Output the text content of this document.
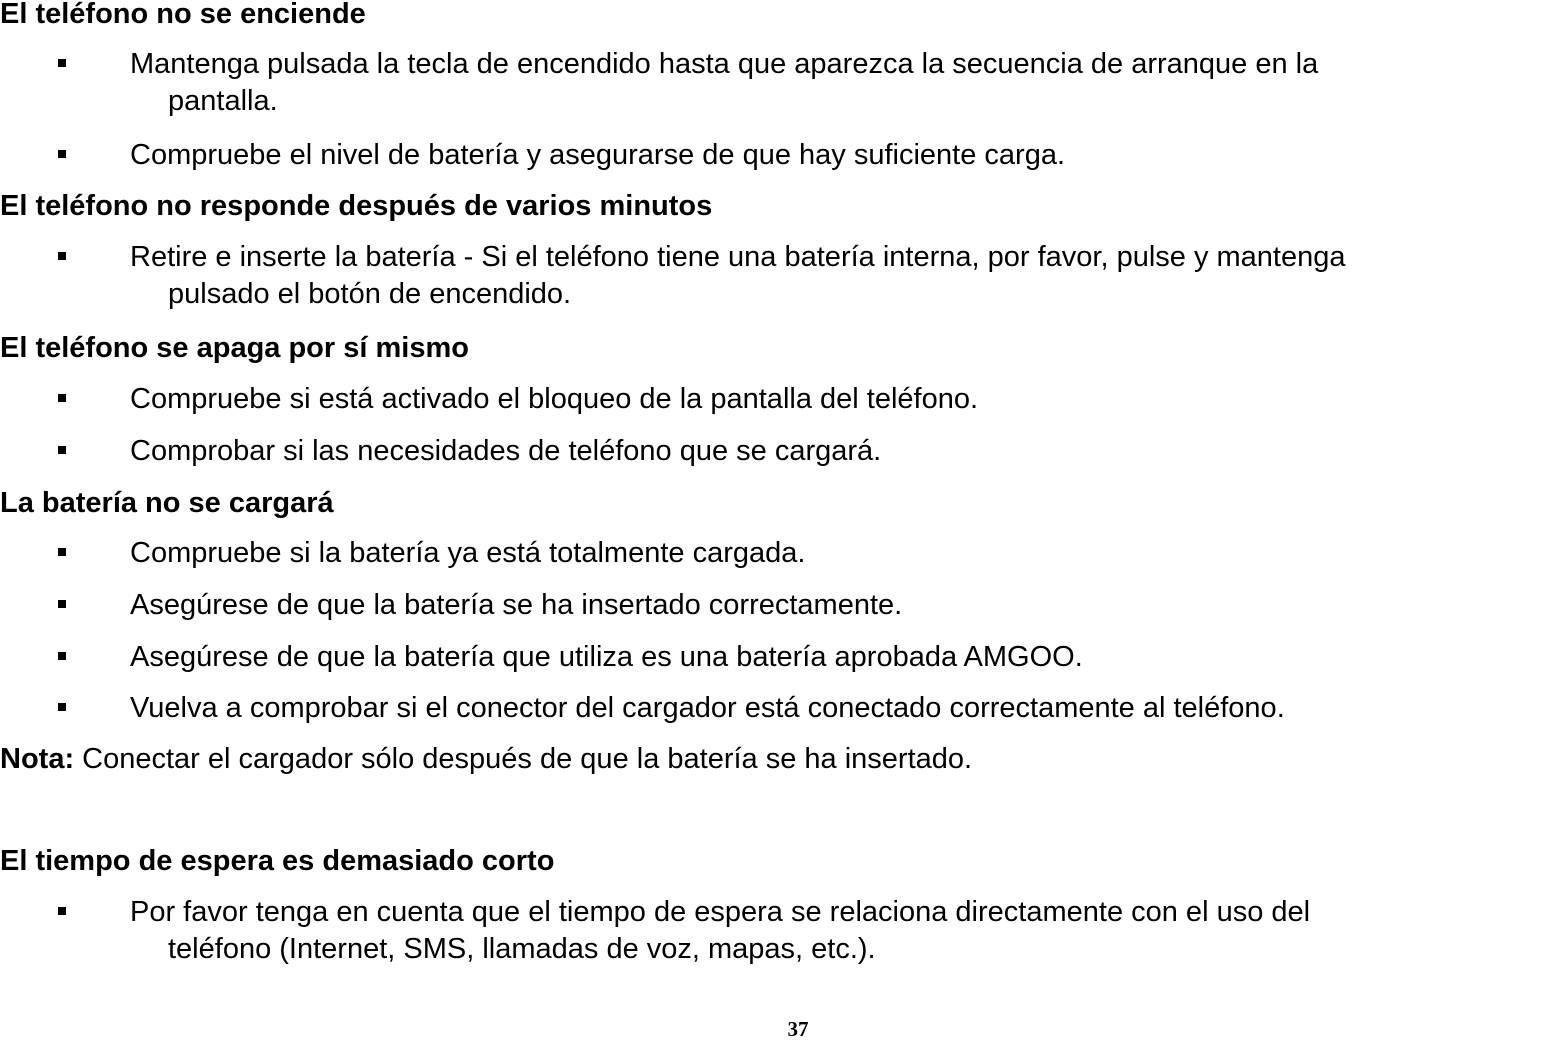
El teléfono no se enciende
Mantenga pulsada la tecla de encendido hasta que aparezca la secuencia de arranque en la
pantalla.
Compruebe el nivel de batería y asegurarse de que hay suficiente carga.
El teléfono no responde después de varios minutos
Retire e inserte la batería - Si el teléfono tiene una batería interna, por favor, pulse y mantenga
pulsado el botón de encendido.
El teléfono se apaga por sí mismo
Compruebe si está activado el bloqueo de la pantalla del teléfono.
Comprobar si las necesidades de teléfono que se cargará.
La batería no se cargará
Compruebe si la batería ya está totalmente cargada.
Asegúrese de que la batería se ha insertado correctamente.
Asegúrese de que la batería que utiliza es una batería aprobada AMGOO.
Vuelva a comprobar si el conector del cargador está conectado correctamente al teléfono.

Nota: Conectar el cargador sólo después de que la batería se ha insertado.

El tiempo de espera es demasiado corto
Por favor tenga en cuenta que el tiempo de espera se relaciona directamente con el uso del
teléfono (Internet, SMS, llamadas de voz, mapas, etc.).
37
